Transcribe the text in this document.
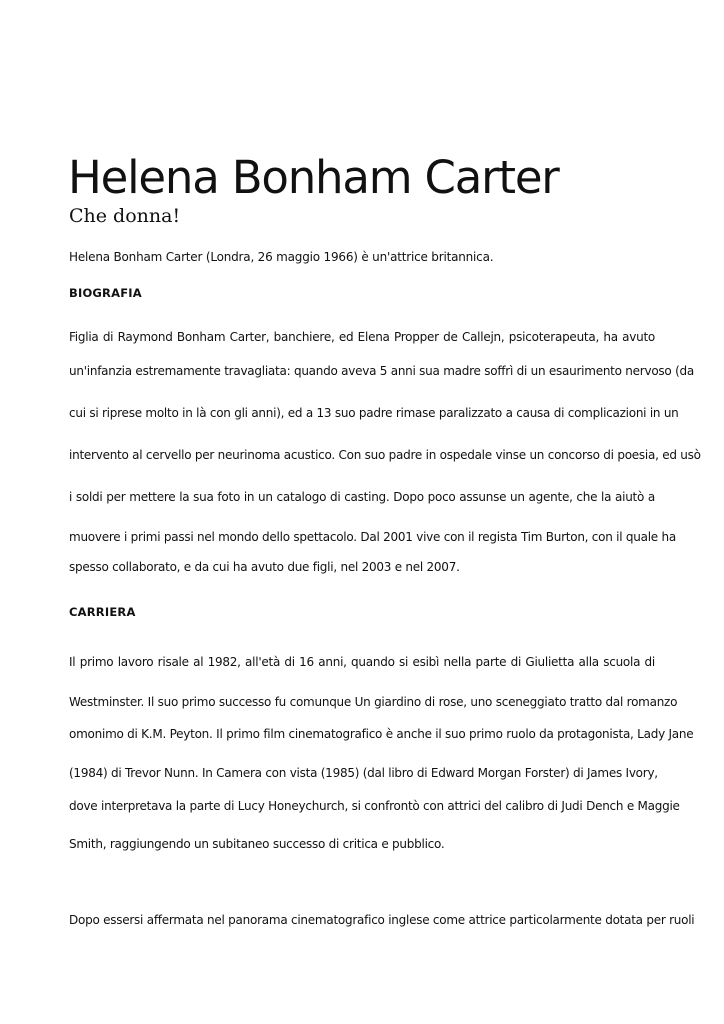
Helena Bonham Carter
Che donna!

Helena Bonham Carter (Londra, 26 maggio 1966) è un'attrice britannica.

BIOGRAFIA
Figlia di Raymond Bonham Carter, banchiere, ed Elena Propper de Callejn, psicoterapeuta, ha avuto
un'infanzia estremamente travagliata: quando aveva 5 anni sua madre soffrì di un esaurimento nervoso (da
cui si riprese molto in là con gli anni), ed a 13 suo padre rimase paralizzato a causa di complicazioni in un
intervento al cervello per neurinoma acustico. Con suo padre in ospedale vinse un concorso di poesia, ed usò
i soldi per mettere la sua foto in un catalogo di casting. Dopo poco assunse un agente, che la aiutò a
muovere i primi passi nel mondo dello spettacolo. Dal 2001 vive con il regista Tim Burton, con il quale ha
spesso collaborato, e da cui ha avuto due figli, nel 2003 e nel 2007.
CARRIERA
Il primo lavoro risale al 1982, all'età di 16 anni, quando si esibì nella parte di Giulietta alla scuola di
Westminster. Il suo primo successo fu comunque Un giardino di rose, uno sceneggiato tratto dal romanzo
omonimo di K.M. Peyton. Il primo film cinematografico è anche il suo primo ruolo da protagonista, Lady Jane
(1984) di Trevor Nunn. In Camera con vista (1985) (dal libro di Edward Morgan Forster) di James Ivory,
dove interpretava la parte di Lucy Honeychurch, si confrontò con attrici del calibro di Judi Dench e Maggie
Smith, raggiungendo un subitaneo successo di critica e pubblico.
Dopo essersi affermata nel panorama cinematografico inglese come attrice particolarmente dotata per ruoli
